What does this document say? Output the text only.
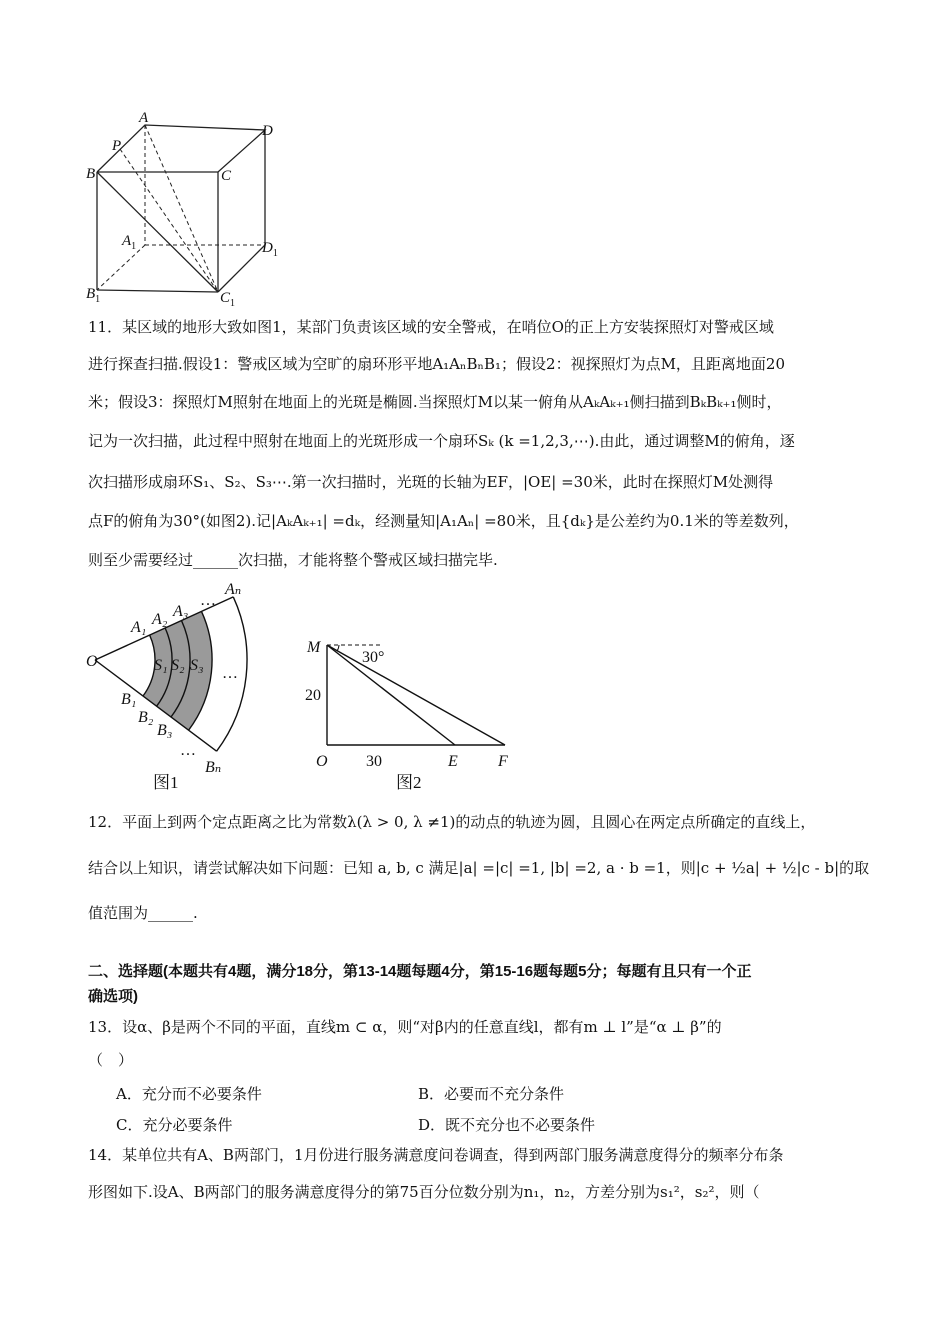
A
D
P
B	C
$A_1$	$D_1$
$B_1$	$C_1$
11．某区域的地形大致如图1，某部门负责该区域的安全警戒，在哨位O的正上方安装探照灯对警戒区域
进行探查扫描.假设1：警戒区域为空旷的扇环形平地A₁AₙBₙB₁；假设2：视探照灯为点M，且距离地面20
米；假设3：探照灯M照射在地面上的光斑是椭圆.当探照灯M以某一俯角从AₖAₖ₊₁侧扫描到BₖBₖ₊₁侧时，
记为一次扫描，此过程中照射在地面上的光斑形成一个扇环Sₖ (k =1,2,3,⋯).由此，通过调整M的俯角，逐
次扫描形成扇环S₁、S₂、S₃⋯.第一次扫描时，光斑的长轴为EF，|OE| =30米，此时在探照灯M处测得
点F的俯角为30°(如图2).记|AₖAₖ₊₁| =dₖ，经测量知|A₁Aₙ| =80米，且{dₖ}是公差约为0.1米的等差数列，
则至少需要经过______次扫描，才能将整个警戒区域扫描完毕.
O
A₁ A₂ A₃
…
Aₙ
S₁ S₂ S₃ …
B₁
B₂
B₃
…
Bₙ
图1
M
30°
20
O 30	E	F
图2
12．平面上到两个定点距离之比为常数λ(λ > 0, λ ≠1)的动点的轨迹为圆，且圆心在两定点所确定的直线上，
结合以上知识，请尝试解决如下问题：已知 a, b, c 满足|a| =|c| =1, |b| =2, a · b =1，则|c + ½a| + ½|c - b|的取
值范围为______.
二、选择题(本题共有4题，满分18分，第13-14题每题4分，第15-16题每题5分；每题有且只有一个正
确选项)
13．设α、β是两个不同的平面，直线m ⊂ α，则“对β内的任意直线l，都有m ⊥ l”是“α ⊥ β”的
（　）
A．充分而不必要条件	B．必要而不充分条件
C．充分必要条件	D．既不充分也不必要条件
14．某单位共有A、B两部门，1月份进行服务满意度问卷调查，得到两部门服务满意度得分的频率分布条
形图如下.设A、B两部门的服务满意度得分的第75百分位数分别为n₁，n₂，方差分别为s₁²，s₂²，则（
